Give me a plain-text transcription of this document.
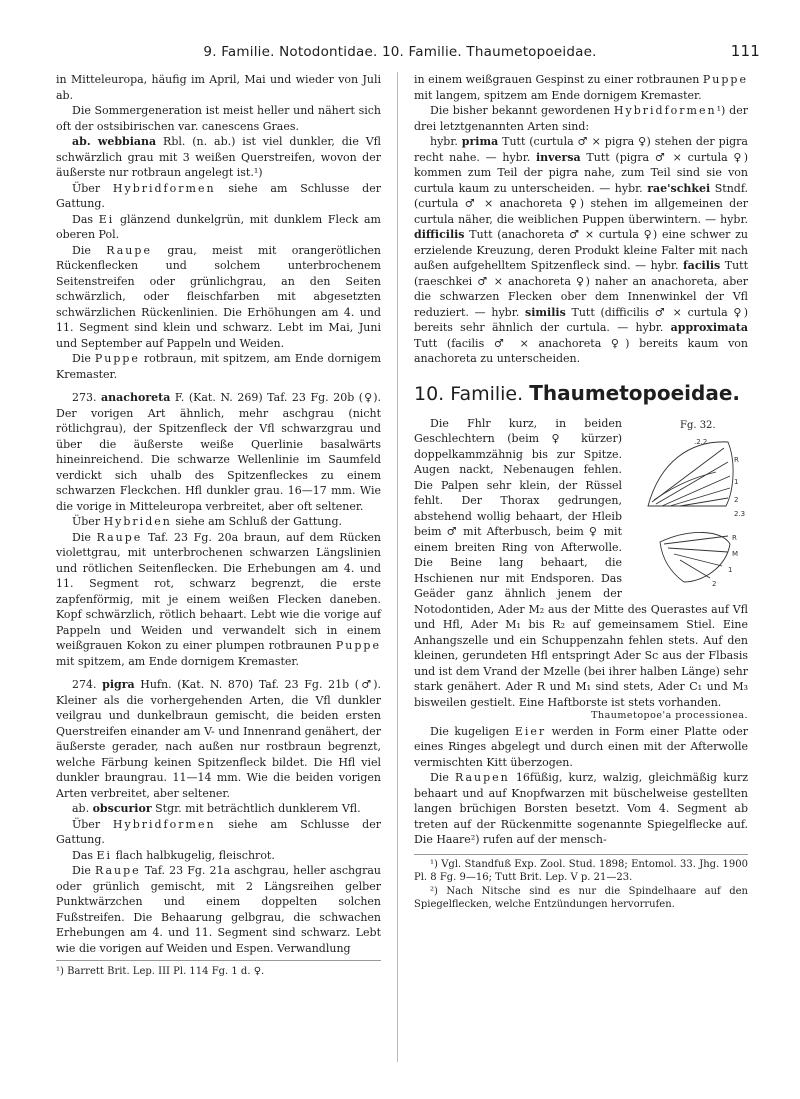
9. Familie. Notodontidae. 10. Familie. Thaumetopoeidae.	111

in Mitteleuropa, häufig im April, Mai und wieder von Juli ab.

Die Sommergeneration ist meist heller und nähert sich oft der ostsibirischen var. canescens Graes.

ab. webbiana Rbl. (n. ab.) ist viel dunkler, die Vfl schwärzlich grau mit 3 weißen Querstreifen, wovon der äußerste nur rotbraun angelegt ist.¹)

Über Hybridformen siehe am Schlusse der Gattung.

Das Ei glänzend dunkelgrün, mit dunklem Fleck am oberen Pol.

Die Raupe grau, meist mit orangerötlichen Rückenflecken und solchem unterbrochenem Seitenstreifen oder grünlichgrau, an den Seiten schwärzlich, oder fleischfarben mit abgesetzten schwärzlichen Rückenlinien. Die Erhöhungen am 4. und 11. Segment sind klein und schwarz. Lebt im Mai, Juni und September auf Pappeln und Weiden.

Die Puppe rotbraun, mit spitzem, am Ende dornigem Kremaster.

273. anachoreta F. (Kat. N. 269) Taf. 23 Fg. 20b (♀). Der vorigen Art ähnlich, mehr aschgrau (nicht rötlichgrau), der Spitzenfleck der Vfl schwarzgrau und über die äußerste weiße Querlinie basalwärts hineinreichend. Die schwarze Wellenlinie im Saumfeld verdickt sich uhalb des Spitzenfleckes zu einem schwarzen Fleckchen. Hfl dunkler grau. 16—17 mm. Wie die vorige in Mitteleuropa verbreitet, aber oft seltener.

Über Hybriden siehe am Schluß der Gattung.

Die Raupe Taf. 23 Fg. 20a braun, auf dem Rücken violettgrau, mit unterbrochenen schwarzen Längslinien und rötlichen Seitenflecken. Die Erhebungen am 4. und 11. Segment rot, schwarz begrenzt, die erste zapfenförmig, mit je einem weißen Flecken daneben. Kopf schwärzlich, rötlich behaart. Lebt wie die vorige auf Pappeln und Weiden und verwandelt sich in einem weißgrauen Kokon zu einer plumpen rotbraunen Puppe mit spitzem, am Ende dornigem Kremaster.

274. pigra Hufn. (Kat. N. 870) Taf. 23 Fg. 21b (♂). Kleiner als die vorhergehenden Arten, die Vfl dunkler veilgrau und dunkelbraun gemischt, die beiden ersten Querstreifen einander am V- und Innenrand genähert, der äußerste gerader, nach außen nur rostbraun begrenzt, welche Färbung keinen Spitzenfleck bildet. Die Hfl viel dunkler braungrau. 11—14 mm. Wie die beiden vorigen Arten verbreitet, aber seltener.

ab. obscurior Stgr. mit beträchtlich dunklerem Vfl.

Über Hybridformen siehe am Schlusse der Gattung.

Das Ei flach halbkugelig, fleischrot.

Die Raupe Taf. 23 Fg. 21a aschgrau, heller aschgrau oder grünlich gemischt, mit 2 Längsreihen gelber Punktwärzchen und einem doppelten solchen Fußstreifen. Die Behaarung gelbgrau, die schwachen Erhebungen am 4. und 11. Segment sind schwarz. Lebt wie die vorigen auf Weiden und Espen. Verwandlung

¹) Barrett Brit. Lep. III Pl. 114 Fg. 1 d. ♀.

in einem weißgrauen Gespinst zu einer rotbraunen Puppe mit langem, spitzem am Ende dornigem Kremaster.

Die bisher bekannt gewordenen Hybridformen¹) der drei letztgenannten Arten sind:

hybr. prima Tutt (curtula ♂ × pigra ♀) stehen der pigra recht nahe. — hybr. inversa Tutt (pigra ♂ × curtula ♀) kommen zum Teil der pigra nahe, zum Teil sind sie von curtula kaum zu unterscheiden. — hybr. rae'schkei Stndf. (curtula ♂ × anachoreta ♀) stehen im allgemeinen der curtula näher, die weiblichen Puppen überwintern. — hybr. difficilis Tutt (anachoreta ♂ × curtula ♀) eine schwer zu erzielende Kreuzung, deren Produkt kleine Falter mit nach außen aufgehelltem Spitzenfleck sind. — hybr. facilis Tutt (raeschkei ♂ × anachoreta ♀) naher an anachoreta, aber die schwarzen Flecken ober dem Innenwinkel der Vfl reduziert. — hybr. similis Tutt (difficilis ♂ × curtula ♀) bereits sehr ähnlich der curtula. — hybr. approximata Tutt (facilis ♂ × anachoreta ♀) bereits kaum von anachoreta zu unterscheiden.

10. Familie. Thaumetopoeidae.
Fg. 32.
.2.2
R
1
2
2.3
R
M
1
2

Die Fhlr kurz, in beiden Geschlechtern (beim ♀ kürzer) doppelkammzähnig bis zur Spitze. Augen nackt, Nebenaugen fehlen. Die Palpen sehr klein, der Rüssel fehlt. Der Thorax gedrungen, abstehend wollig behaart, der Hleib beim ♂ mit Afterbusch, beim ♀ mit einem breiten Ring von Afterwolle. Die Beine lang behaart, die Hschienen nur mit Endsporen. Das Geäder ganz ähnlich jenem der Notodontiden, Ader M₂ aus der Mitte des Querastes auf Vfl und Hfl, Ader M₁ bis R₂ auf gemeinsamem Stiel. Eine Anhangszelle und ein Schuppenzahn fehlen stets. Auf den kleinen, gerundeten Hfl entspringt Ader Sc aus der Flbasis und ist dem Vrand der Mzelle (bei ihrer halben Länge) sehr stark genähert. Ader R und M₁ sind stets, Ader C₁ und M₃ bisweilen gestielt. Eine Haftborste ist stets vorhanden.

Thaumetopoe'a processionea.

Die kugeligen Eier werden in Form einer Platte oder eines Ringes abgelegt und durch einen mit der Afterwolle vermischten Kitt überzogen.

Die Raupen 16füßig, kurz, walzig, gleichmäßig kurz behaart und auf Knopfwarzen mit büschelweise gestellten langen brüchigen Borsten besetzt. Vom 4. Segment ab treten auf der Rückenmitte sogenannte Spiegelflecke auf. Die Haare²) rufen auf der mensch-

¹) Vgl. Standfuß Exp. Zool. Stud. 1898; Entomol. 33. Jhg. 1900 Pl. 8 Fg. 9—16; Tutt Brit. Lep. V p. 21—23.

²) Nach Nitsche sind es nur die Spindelhaare auf den Spiegelflecken, welche Entzündungen hervorrufen.
